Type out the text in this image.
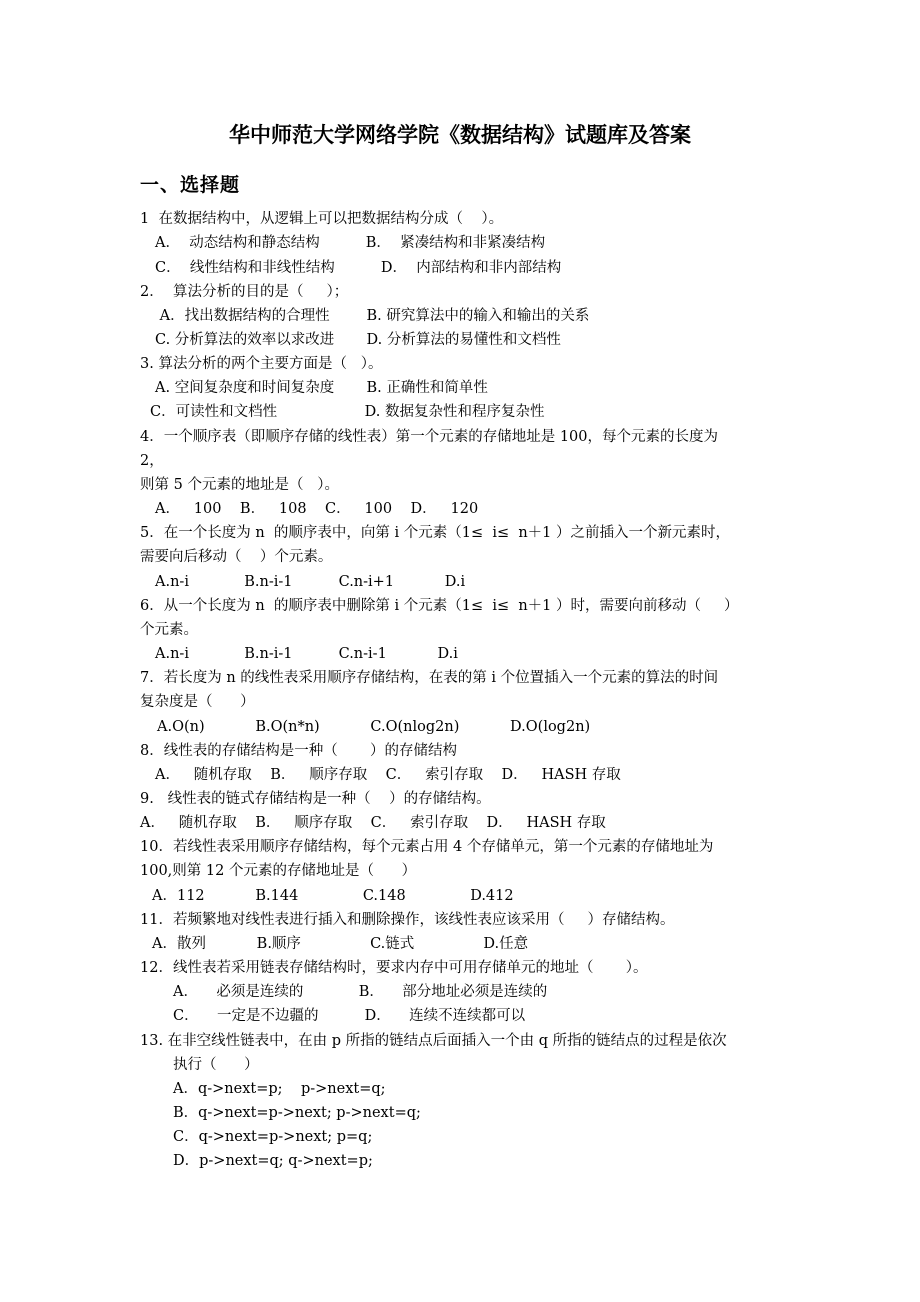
华中师范大学网络学院《数据结构》试题库及答案
一、选择题
1  在数据结构中，从逻辑上可以把数据结构分成（    ）。
A．  动态结构和静态结构          B．  紧凑结构和非紧凑结构
C．  线性结构和非线性结构          D．  内部结构和非内部结构
2．  算法分析的目的是（     ）；
A．找出数据结构的合理性        B. 研究算法中的输入和输出的关系
C. 分析算法的效率以求改进       D. 分析算法的易懂性和文档性
3. 算法分析的两个主要方面是（   ）。
A. 空间复杂度和时间复杂度       B. 正确性和简单性
C．可读性和文档性                   D. 数据复杂性和程序复杂性
4．一个顺序表（即顺序存储的线性表）第一个元素的存储地址是 100，每个元素的长度为
2，
则第 5 个元素的地址是（   ）。
A．   100    B．   108    C．   100    D．   120
5．在一个长度为 n  的顺序表中，向第 i 个元素（1≤  i≤  n＋1 ）之前插入一个新元素时，
需要向后移动（    ）个元素。
A.n-i            B.n-i-1          C.n-i+1           D.i
6．从一个长度为 n  的顺序表中删除第 i 个元素（1≤  i≤  n＋1 ）时，需要向前移动（     ）
个元素。
A.n-i            B.n-i-1          C.n-i-1           D.i
7．若长度为 n 的线性表采用顺序存储结构，在表的第 i 个位置插入一个元素的算法的时间
复杂度是（      ）
A.O(n)           B.O(n*n)           C.O(nlog2n)           D.O(log2n)
8．线性表的存储结构是一种（       ）的存储结构
A．   随机存取    B．   顺序存取    C．   索引存取    D．   HASH 存取
9.   线性表的链式存储结构是一种（    ）的存储结构。
A．   随机存取    B．   顺序存取    C．   索引存取    D．   HASH 存取
10．若线性表采用顺序存储结构，每个元素占用 4 个存储单元，第一个元素的存储地址为
100,则第 12 个元素的存储地址是（      ）
A．112           B.144              C.148              D.412
11．若频繁地对线性表进行插入和删除操作，该线性表应该采用（     ）存储结构。
A．散列           B.顺序               C.链式               D.任意
12．线性表若采用链表存储结构时，要求内存中可用存储单元的地址（       ）。
A．    必须是连续的            B．    部分地址必须是连续的
C．    一定是不边疆的          D．    连续不连续都可以
13. 在非空线性链表中，在由 p 所指的链结点后面插入一个由 q 所指的链结点的过程是依次
执行（      ）
A．q->next=p;    p->next=q;
B．q->next=p->next; p->next=q;
C．q->next=p->next; p=q;
D．p->next=q; q->next=p;
